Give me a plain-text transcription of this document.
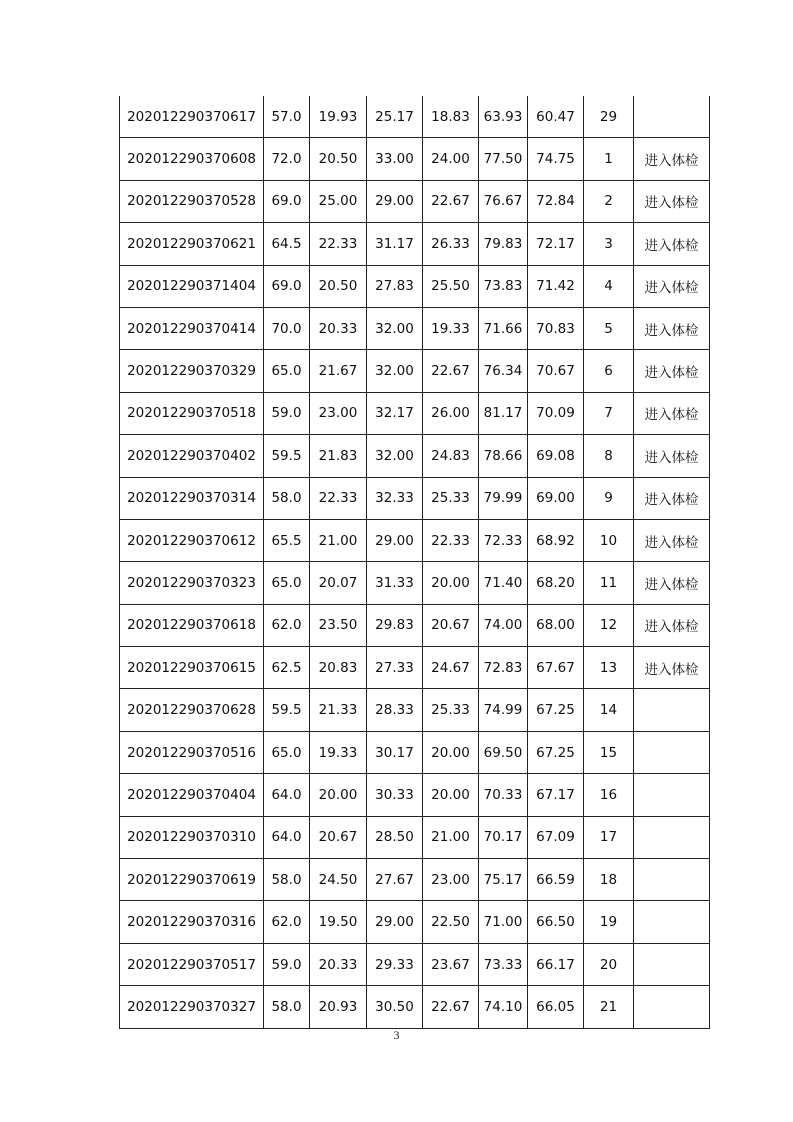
202012290370617	57.0	19.93	25.17	18.83	63.93	60.47	29	
202012290370608	72.0	20.50	33.00	24.00	77.50	74.75	1	进入体检
202012290370528	69.0	25.00	29.00	22.67	76.67	72.84	2	进入体检
202012290370621	64.5	22.33	31.17	26.33	79.83	72.17	3	进入体检
202012290371404	69.0	20.50	27.83	25.50	73.83	71.42	4	进入体检
202012290370414	70.0	20.33	32.00	19.33	71.66	70.83	5	进入体检
202012290370329	65.0	21.67	32.00	22.67	76.34	70.67	6	进入体检
202012290370518	59.0	23.00	32.17	26.00	81.17	70.09	7	进入体检
202012290370402	59.5	21.83	32.00	24.83	78.66	69.08	8	进入体检
202012290370314	58.0	22.33	32.33	25.33	79.99	69.00	9	进入体检
202012290370612	65.5	21.00	29.00	22.33	72.33	68.92	10	进入体检
202012290370323	65.0	20.07	31.33	20.00	71.40	68.20	11	进入体检
202012290370618	62.0	23.50	29.83	20.67	74.00	68.00	12	进入体检
202012290370615	62.5	20.83	27.33	24.67	72.83	67.67	13	进入体检
202012290370628	59.5	21.33	28.33	25.33	74.99	67.25	14	
202012290370516	65.0	19.33	30.17	20.00	69.50	67.25	15	
202012290370404	64.0	20.00	30.33	20.00	70.33	67.17	16	
202012290370310	64.0	20.67	28.50	21.00	70.17	67.09	17	
202012290370619	58.0	24.50	27.67	23.00	75.17	66.59	18	
202012290370316	62.0	19.50	29.00	22.50	71.00	66.50	19	
202012290370517	59.0	20.33	29.33	23.67	73.33	66.17	20	
202012290370327	58.0	20.93	30.50	22.67	74.10	66.05	21	
3
